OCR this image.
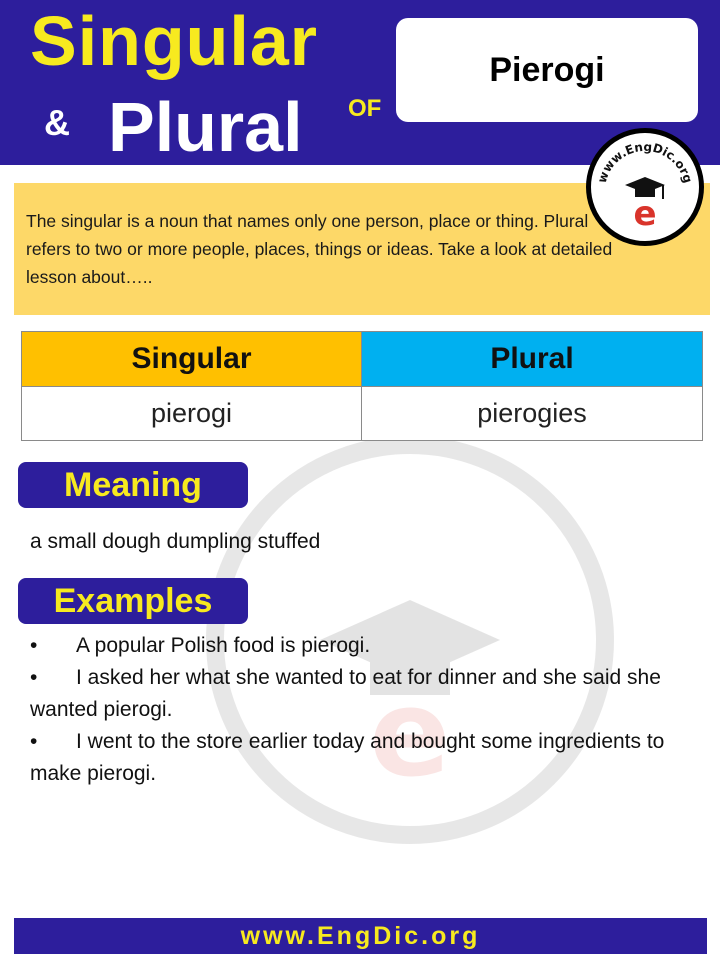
e
Singular
& Plural OF
Pierogi
The singular is a noun that names only one person, place or thing. Plural refers to two or more people, places, things or ideas. Take a look at detailed lesson about…..
www.EngDic.org
e
Singular	Plural
pierogi	pierogies
Meaning
a small dough dumpling stuffed
Examples

• A popular Polish food is pierogi.

• I asked her what she wanted to eat for dinner and she said she wanted pierogi.

• I went to the store earlier today and bought some ingredients to make pierogi.

www.EngDic.org
